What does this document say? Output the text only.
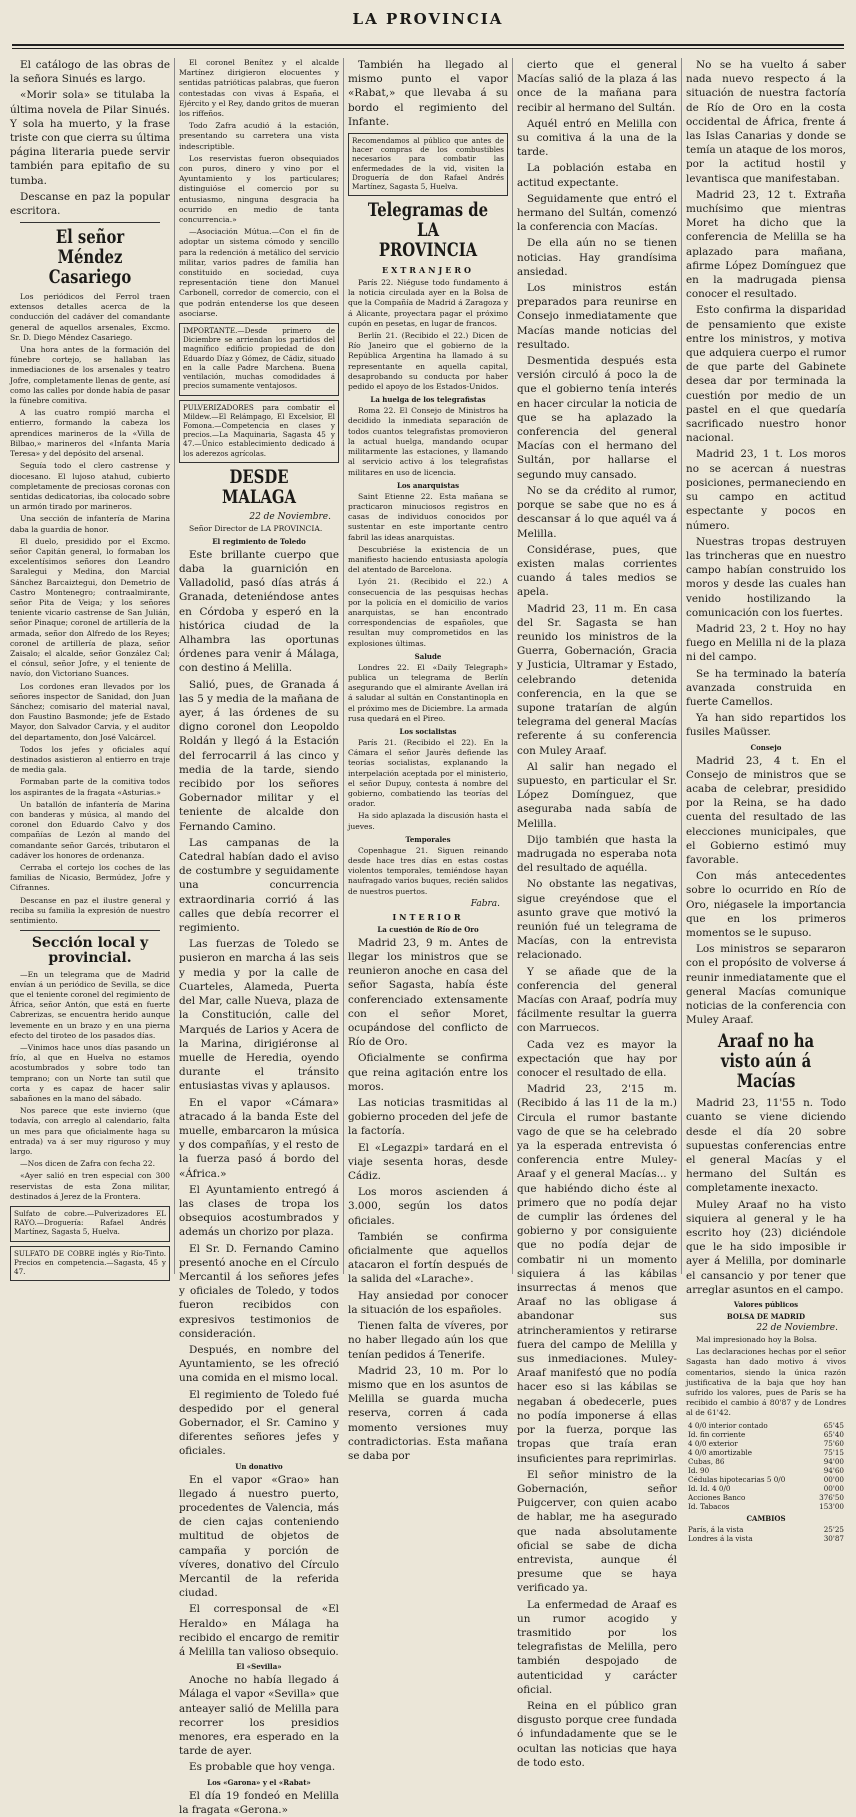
LA PROVINCIA

El catálogo de las obras de la señora Sinués es largo.

«Morir sola» se titulaba la última novela de Pilar Sinués. Y sola ha muerto, y la frase triste con que cierra su última página literaria puede servir también para epitafio de su tumba.

Descanse en paz la popular escritora.

El señor Méndez Casariego

Los periódicos del Ferrol traen extensos detalles acerca de la conducción del cadáver del comandante general de aquellos arsenales, Excmo. Sr. D. Diego Méndez Casariego.

Una hora antes de la formación del fúnebre cortejo, se hallaban las inmediaciones de los arsenales y teatro Jofre, completamente llenas de gente, así como las calles por donde había de pasar la fúnebre comitiva.

A las cuatro rompió marcha el entierro, formando la cabeza los aprendices marineros de la «Villa de Bilbao,» marineros del «Infanta María Teresa» y del depósito del arsenal.

Seguía todo el clero castrense y diocesano. El lujoso atahud, cubierto completamente de preciosas coronas con sentidas dedicatorias, iba colocado sobre un armón tirado por marineros.

Una sección de infantería de Marina daba la guardia de honor.

El duelo, presidido por el Excmo. señor Capitán general, lo formaban los excelentísimos señores don Leandro Saralegui y Medina, don Marcial Sánchez Barcaiztegui, don Demetrio de Castro Montenegro; contraalmirante, señor Pita de Veiga; y los señores teniente vicario castrense de San Julián, señor Pinaque; coronel de artillería de la armada, señor don Alfredo de los Reyes; coronel de artillería de plaza, señor Zaisalo; el alcalde, señor González Cal; el cónsul, señor Jofre, y el teniente de navío, don Victoriano Suances.

Los cordones eran llevados por los señores inspector de Sanidad, don Juan Sánchez; comisario del material naval, don Faustino Basmonde; jefe de Estado Mayor, don Salvador Carvia, y el auditor del departamento, don José Valcárcel.

Todos los jefes y oficiales aquí destinados asistieron al entierro en traje de media gala.

Formaban parte de la comitiva todos los aspirantes de la fragata «Asturias.»

Un batallón de infantería de Marina con banderas y música, al mando del coronel don Eduardo Calvo y dos compañías de Lezón al mando del comandante señor Garcés, tributaron el cadáver los honores de ordenanza.

Cerraba el cortejo los coches de las familias de Nicasio, Bermúdez, Jofre y Cifrannes.

Descanse en paz el ilustre general y reciba su familia la expresión de nuestro sentimiento.

Sección local y provincial.

—En un telegrama que de Madrid envían á un periódico de Sevilla, se dice que el teniente coronel del regimiento de África, señor Antón, que está en fuerte Cabrerizas, se encuentra herido aunque levemente en un brazo y en una pierna efecto del tiroteo de los pasados días.

—Vinimos hace unos días pasando un frío, al que en Huelva no estamos acostumbrados y sobre todo tan temprano; con un Norte tan sutil que corta y es capaz de hacer salir sabañones en la mano del sábado.

Nos parece que este invierno (que todavía, con arreglo al calendario, falta un mes para que oficialmente haga su entrada) va á ser muy riguroso y muy largo.

—Nos dicen de Zafra con fecha 22.

«Ayer salió en tren especial con 300 reservistas de esta Zona militar, destinados á Jerez de la Frontera.

Sulfato de cobre.—Pulverizadores EL RAYO.—Droguería: Rafael Andrés Martínez, Sagasta 5, Huelva.

SULFATO DE COBRE inglés y Río-Tinto. Precios en competencia.—Sagasta, 45 y 47.

El coronel Benítez y el alcalde Martínez dirigieron elocuentes y sentidas patrióticas palabras, que fueron contestadas con vivas á España, el Ejército y el Rey, dando gritos de mueran los riffeños.

Todo Zafra acudió á la estación, presentando su carretera una vista indescriptible.

Los reservistas fueron obsequiados con puros, dinero y vino por el Ayuntamiento y los particulares; distinguióse el comercio por su entusiasmo, ninguna desgracia ha ocurrido en medio de tanta concurrencia.»

—Asociación Mútua.—Con el fin de adoptar un sistema cómodo y sencillo para la redención á metálico del servicio militar, varios padres de familia han constituido en sociedad, cuya representación tiene don Manuel Carbonell, corredor de comercio, con el que podrán entenderse los que deseen asociarse.

IMPORTANTE.—Desde primero de Diciembre se arriendan los partidos del magnífico edificio propiedad de don Eduardo Díaz y Gómez, de Cádiz, situado en la calle Padre Marchena. Buena ventilación, muchas comodidades á precios sumamente ventajosos.

PULVERIZADORES para combatir el Mildew.—El Relámpago, El Excelsior, El Fomona.—Competencia en clases y precios.—La Maquinaria, Sagasta 45 y 47.—Único establecimiento dedicado á los aderezos agrícolas.

DESDE MALAGA
22 de Noviembre.

Señor Director de LA PROVINCIA.

El regimiento de Toledo

Este brillante cuerpo que daba la guarnición en Valladolid, pasó días atrás á Granada, deteniéndose antes en Córdoba y esperó en la histórica ciudad de la Alhambra las oportunas órdenes para venir á Málaga, con destino á Melilla.

Salió, pues, de Granada á las 5 y media de la mañana de ayer, á las órdenes de su digno coronel don Leopoldo Roldán y llegó á la Estación del ferrocarril á las cinco y media de la tarde, siendo recibido por los señores Gobernador militar y el teniente de alcalde don Fernando Camino.

Las campanas de la Catedral habían dado el aviso de costumbre y seguidamente una concurrencia extraordinaria corrió á las calles que debía recorrer el regimiento.

Las fuerzas de Toledo se pusieron en marcha á las seis y media y por la calle de Cuarteles, Alameda, Puerta del Mar, calle Nueva, plaza de la Constitución, calle del Marqués de Larios y Acera de la Marina, dirigiéronse al muelle de Heredia, oyendo durante el tránsito entusiastas vivas y aplausos.

En el vapor «Cámara» atracado á la banda Este del muelle, embarcaron la música y dos compañías, y el resto de la fuerza pasó á bordo del «África.»

El Ayuntamiento entregó á las clases de tropa los obsequios acostumbrados y además un chorizo por plaza.

El Sr. D. Fernando Camino presentó anoche en el Círculo Mercantil á los señores jefes y oficiales de Toledo, y todos fueron recibidos con expresivos testimonios de consideración.

Después, en nombre del Ayuntamiento, se les ofreció una comida en el mismo local.

El regimiento de Toledo fué despedido por el general Gobernador, el Sr. Camino y diferentes señores jefes y oficiales.

Un donativo

En el vapor «Grao» han llegado á nuestro puerto, procedentes de Valencia, más de cien cajas conteniendo multitud de objetos de campaña y porción de víveres, donativo del Círculo Mercantil de la referida ciudad.

El corresponsal de «El Heraldo» en Málaga ha recibido el encargo de remitir á Melilla tan valioso obsequio.

El «Sevilla»

Anoche no había llegado á Málaga el vapor «Sevilla» que anteayer salió de Melilla para recorrer los presidios menores, era esperado en la tarde de ayer.

Es probable que hoy venga.

Los «Garona» y el «Rabat»

El día 19 fondeó en Melilla la fragata «Gerona.»

También ha llegado al mismo punto el vapor «Rabat,» que llevaba á su bordo el regimiento del Infante.

Recomendamos al público que antes de hacer compras de los combustibles necesarios para combatir las enfermedades de la vid, visiten la Droguería de don Rafael Andrés Martínez, Sagasta 5, Huelva.

Telegramas de LA PROVINCIA
EXTRANJERO

París 22. Niéguse todo fundamento á la noticia circulada ayer en la Bolsa de que la Compañía de Madrid á Zaragoza y á Alicante, proyectara pagar el próximo cupón en pesetas, en lugar de francos.

Berlín 21. (Recibido el 22.) Dicen de Río Janeiro que el gobierno de la República Argentina ha llamado á su representante en aquella capital, desaprobando su conducta por haber pedido el apoyo de los Estados-Unidos.

La huelga de los telegrafistas

Roma 22. El Consejo de Ministros ha decidido la inmediata separación de todos cuantos telegrafistas promovieron la actual huelga, mandando ocupar militarmente las estaciones, y llamando al servicio activo á los telegrafistas militares en uso de licencia.

Los anarquistas

Saint Etienne 22. Esta mañana se practicaron minuciosos registros en casas de individuos conocidos por sustentar en este importante centro fabril las ideas anarquistas.

Descubriése la existencia de un manifiesto haciendo entusiasta apología del atentado de Barcelona.

Lyón 21. (Recibido el 22.) A consecuencia de las pesquisas hechas por la policía en el domicilio de varios anarquistas, se han encontrado correspondencias de españoles, que resultan muy comprometidos en las explosiones últimas.

Salude

Londres 22. El «Daily Telegraph» publica un telegrama de Berlín asegurando que el almirante Avellan irá á saludar al sultán en Constantinopla en el próximo mes de Diciembre. La armada rusa quedará en el Pireo.

Los socialistas

París 21. (Recibido el 22). En la Cámara el señor Jaurès defiende las teorías socialistas, explanando la interpelación aceptada por el ministerio, el señor Dupuy, contesta á nombre del gobierno, combatiendo las teorías del orador.

Ha sido aplazada la discusión hasta el jueves.

Temporales

Copenhague 21. Siguen reinando desde hace tres días en estas costas violentos temporales, temiéndose hayan naufragado varios buques, recién salidos de nuestros puertos.

Fabra.
INTERIOR
La cuestión de Río de Oro

Madrid 23, 9 m. Antes de llegar los ministros que se reunieron anoche en casa del señor Sagasta, había éste conferenciado extensamente con el señor Moret, ocupándose del conflicto de Río de Oro.

Oficialmente se confirma que reina agitación entre los moros.

Las noticias trasmitidas al gobierno proceden del jefe de la factoría.

El «Legazpi» tardará en el viaje sesenta horas, desde Cádiz.

Los moros ascienden á 3.000, según los datos oficiales.

También se confirma oficialmente que aquellos atacaron el fortín después de la salida del «Larache».

Hay ansiedad por conocer la situación de los españoles.

Tienen falta de víveres, por no haber llegado aún los que tenían pedidos á Tenerife.

Madrid 23, 10 m. Por lo mismo que en los asuntos de Melilla se guarda mucha reserva, corren á cada momento versiones muy contradictorias. Esta mañana se daba por

cierto que el general Macías salió de la plaza á las once de la mañana para recibir al hermano del Sultán.

Aquél entró en Melilla con su comitiva á la una de la tarde.

La población estaba en actitud expectante.

Seguidamente que entró el hermano del Sultán, comenzó la conferencia con Macías.

De ella aún no se tienen noticias. Hay grandísima ansiedad.

Los ministros están preparados para reunirse en Consejo inmediatamente que Macías mande noticias del resultado.

Desmentida después esta versión circuló á poco la de que el gobierno tenía interés en hacer circular la noticia de que se ha aplazado la conferencia del general Macías con el hermano del Sultán, por hallarse el segundo muy cansado.

No se da crédito al rumor, porque se sabe que no es á descansar á lo que aquél va á Melilla.

Considérase, pues, que existen malas corrientes cuando á tales medios se apela.

Madrid 23, 11 m. En casa del Sr. Sagasta se han reunido los ministros de la Guerra, Gobernación, Gracia y Justicia, Ultramar y Estado, celebrando detenida conferencia, en la que se supone tratarían de algún telegrama del general Macías referente á su conferencia con Muley Araaf.

Al salir han negado el supuesto, en particular el Sr. López Domínguez, que aseguraba nada sabía de Melilla.

Dijo también que hasta la madrugada no esperaba nota del resultado de aquélla.

No obstante las negativas, sigue creyéndose que el asunto grave que motivó la reunión fué un telegrama de Macías, con la entrevista relacionado.

Y se añade que de la conferencia del general Macías con Araaf, podría muy fácilmente resultar la guerra con Marruecos.

Cada vez es mayor la expectación que hay por conocer el resultado de ella.

Madrid 23, 2'15 m. (Recibido á las 11 de la m.) Circula el rumor bastante vago de que se ha celebrado ya la esperada entrevista ó conferencia entre Muley-Araaf y el general Macías... y que habiéndo dicho éste al primero que no podía dejar de cumplir las órdenes del gobierno y por consiguiente que no podía dejar de combatir ni un momento siquiera á las kábilas insurrectas á menos que Araaf no las obligase á abandonar sus atrincheramientos y retirarse fuera del campo de Melilla y sus inmediaciones. Muley-Araaf manifestó que no podía hacer eso si las kábilas se negaban á obedecerle, pues no podía imponerse á ellas por la fuerza, porque las tropas que traía eran insuficientes para reprimirlas.

El señor ministro de la Gobernación, señor Puigcerver, con quien acabo de hablar, me ha asegurado que nada absolutamente oficial se sabe de dicha entrevista, aunque él presume que se haya verificado ya.

La enfermedad de Araaf es un rumor acogido y trasmitido por los telegrafistas de Melilla, pero también despojado de autenticidad y carácter oficial.

Reina en el público gran disgusto porque cree fundada ó infundadamente que se le ocultan las noticias que haya de todo esto.

No se ha vuelto á saber nada nuevo respecto á la situación de nuestra factoría de Río de Oro en la costa occidental de África, frente á las Islas Canarias y donde se temía un ataque de los moros, por la actitud hostil y levantisca que manifestaban.

Madrid 23, 12 t. Extraña muchísimo que mientras Moret ha dicho que la conferencia de Melilla se ha aplazado para mañana, afirme López Domínguez que en la madrugada piensa conocer el resultado.

Esto confirma la disparidad de pensamiento que existe entre los ministros, y motiva que adquiera cuerpo el rumor de que parte del Gabinete desea dar por terminada la cuestión por medio de un pastel en el que quedaría sacrificado nuestro honor nacional.

Madrid 23, 1 t. Los moros no se acercan á nuestras posiciones, permaneciendo en su campo en actitud espectante y pocos en número.

Nuestras tropas destruyen las trincheras que en nuestro campo habían construido los moros y desde las cuales han venido hostilizando la comunicación con los fuertes.

Madrid 23, 2 t. Hoy no hay fuego en Melilla ni de la plaza ni del campo.

Se ha terminado la batería avanzada construida en fuerte Camellos.

Ya han sido repartidos los fusiles Maüsser.

Consejo

Madrid 23, 4 t. En el Consejo de ministros que se acaba de celebrar, presidido por la Reina, se ha dado cuenta del resultado de las elecciones municipales, que el Gobierno estimó muy favorable.

Con más antecedentes sobre lo ocurrido en Río de Oro, niégasele la importancia que en los primeros momentos se le supuso.

Los ministros se separaron con el propósito de volverse á reunir inmediatamente que el general Macías comunique noticias de la conferencia con Muley Araaf.

Araaf no ha visto aún á Macías

Madrid 23, 11'55 n. Todo cuanto se viene diciendo desde el día 20 sobre supuestas conferencias entre el general Macías y el hermano del Sultán es completamente inexacto.

Muley Araaf no ha visto siquiera al general y le ha escrito hoy (23) diciéndole que le ha sido imposible ir ayer á Melilla, por dominarle el cansancio y por tener que arreglar asuntos en el campo.

Valores públicos
BOLSA DE MADRID
22 de Noviembre.

Mal impresionado hoy la Bolsa.

Las declaraciones hechas por el señor Sagasta han dado motivo á vivos comentarios, siendo la única razón justificativa de la baja que hoy han sufrido los valores, pues de París se ha recibido el cambio á 80'87 y de Londres al de 61'42.

4 0/0 interior contado	65'45
Id. fin corriente	65'40
4 0/0 exterior	75'60
4 0/0 amortizable	75'15
Cubas, 86	94'00
Id. 90	94'60
Cédulas hipotecarias 5 0/0	00'00
Id. Id. 4 0/0	00'00
Acciones Banco	376'50
Id. Tabacos	153'00
CAMBIOS
París, á la vista	25'25
Londres á la vista	30'87
